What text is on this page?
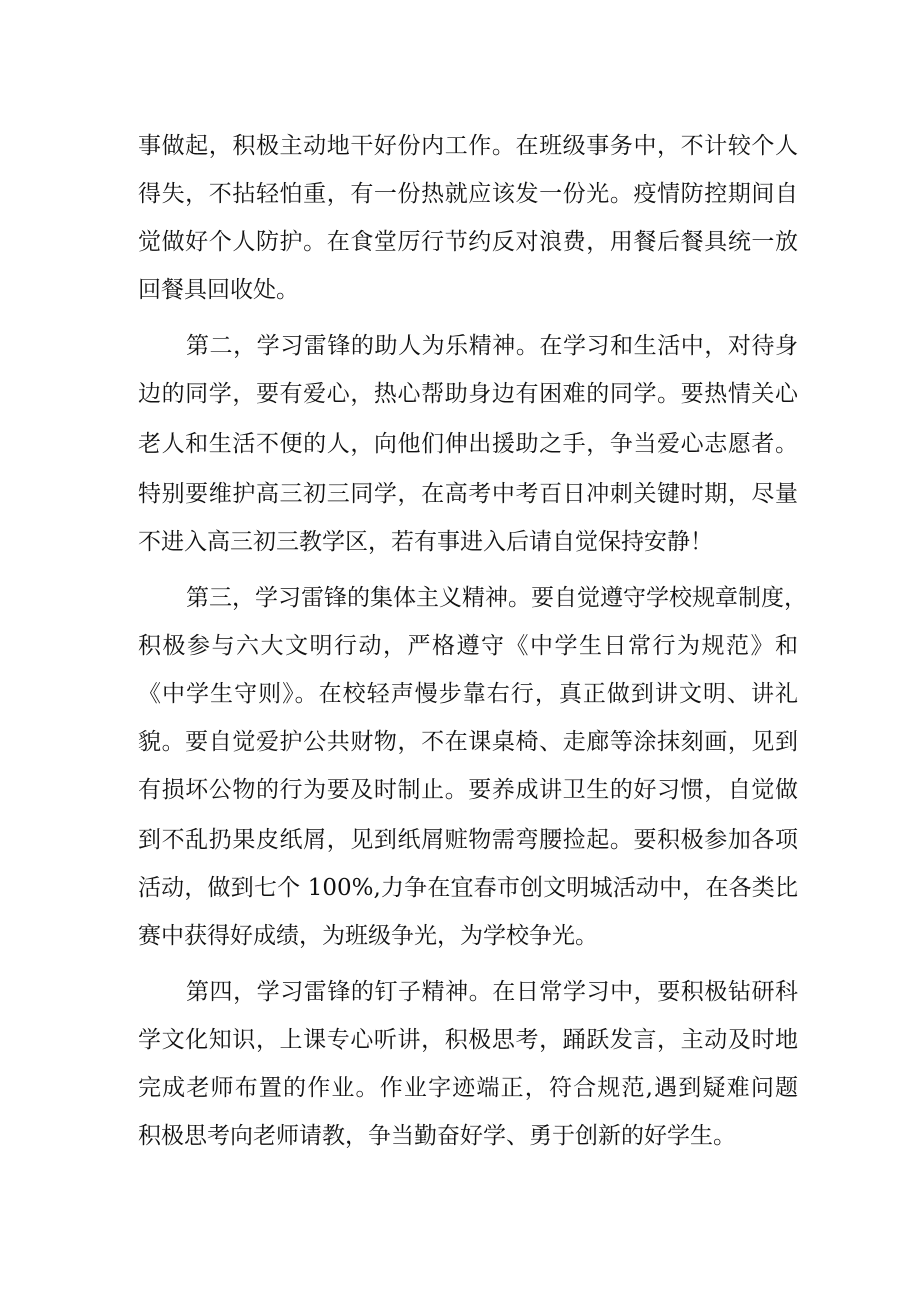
事做起，积极主动地干好份内工作。在班级事务中，不计较个人
得失，不拈轻怕重，有一份热就应该发一份光。疫情防控期间自
觉做好个人防护。在食堂厉行节约反对浪费，用餐后餐具统一放
回餐具回收处。
第二，学习雷锋的助人为乐精神。在学习和生活中，对待身
边的同学，要有爱心，热心帮助身边有困难的同学。要热情关心
老人和生活不便的人，向他们伸出援助之手，争当爱心志愿者。
特别要维护高三初三同学，在高考中考百日冲刺关键时期，尽量
不进入高三初三教学区，若有事进入后请自觉保持安静！
第三，学习雷锋的集体主义精神。要自觉遵守学校规章制度，
积极参与六大文明行动，严格遵守《中学生日常行为规范》和
《中学生守则》。在校轻声慢步靠右行，真正做到讲文明、讲礼
貌。要自觉爱护公共财物，不在课桌椅、走廊等涂抹刻画，见到
有损坏公物的行为要及时制止。要养成讲卫生的好习惯，自觉做
到不乱扔果皮纸屑，见到纸屑赃物需弯腰捡起。要积极参加各项
活动，做到七个 100%,力争在宜春市创文明城活动中，在各类比
赛中获得好成绩，为班级争光，为学校争光。
第四，学习雷锋的钉子精神。在日常学习中，要积极钻研科
学文化知识，上课专心听讲，积极思考，踊跃发言，主动及时地
完成老师布置的作业。作业字迹端正，符合规范,遇到疑难问题
积极思考向老师请教，争当勤奋好学、勇于创新的好学生。
